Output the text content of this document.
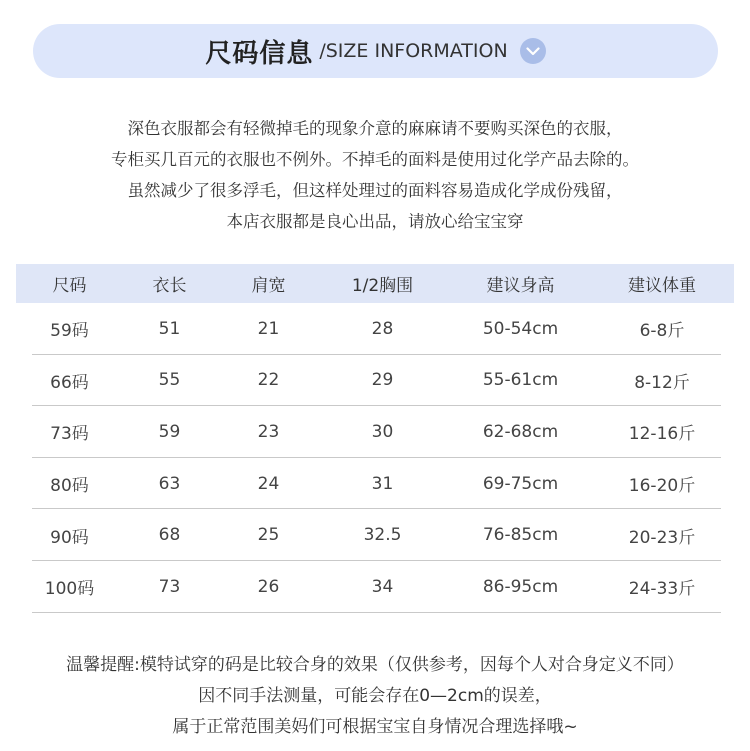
尺码信息 /SIZE INFORMATION
深色衣服都会有轻微掉毛的现象介意的麻麻请不要购买深色的衣服，
专柜买几百元的衣服也不例外。不掉毛的面料是使用过化学产品去除的。
虽然减少了很多浮毛，但这样处理过的面料容易造成化学成份残留，
本店衣服都是良心出品，请放心给宝宝穿
尺码	衣长	肩宽	1/2胸围	建议身高	建议体重
59码	51	21	28	50-54cm	6-8斤
66码	55	22	29	55-61cm	8-12斤
73码	59	23	30	62-68cm	12-16斤
80码	63	24	31	69-75cm	16-20斤
90码	68	25	32.5	76-85cm	20-23斤
100码	73	26	34	86-95cm	24-33斤
温馨提醒:模特试穿的码是比较合身的效果（仅供参考，因每个人对合身定义不同）
因不同手法测量，可能会存在0—2cm的误差，
属于正常范围美妈们可根据宝宝自身情况合理选择哦~
